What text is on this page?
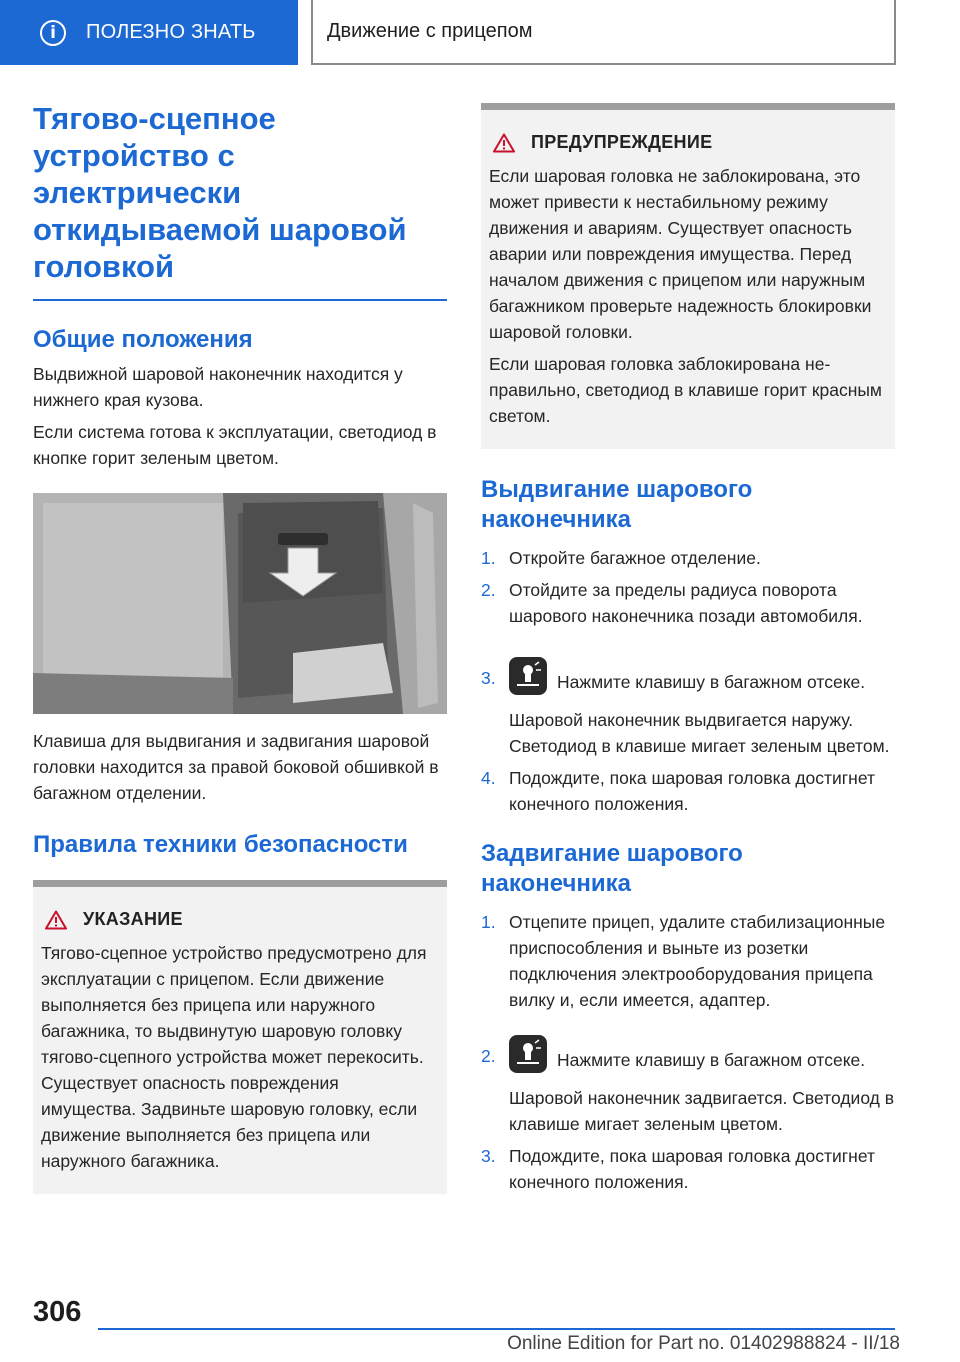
i	ПОЛЕЗНО ЗНАТЬ	Движение с прицепом
Тягово-сцепное устройство с электрически откидываемой шаровой головкой
Общие положения

Выдвижной шаровой наконечник находится у нижнего края кузова.

Если система готова к эксплуатации, светодиод в кнопке горит зеленым цветом.

Клавиша для выдвигания и задвигания шаровой головки находится за правой боковой обшивкой в багажном отделении.

Правила техники безопасности
УКАЗАНИЕ

Тягово-сцепное устройство предусмотрено для эксплуатации с прицепом. Если движение выполняется без прицепа или наружного багажника, то выдвинутую шаровую головку тягово-сцепного устройства может перекосить. Существует опасность повреждения имущества. Задвиньте шаровую головку, если движение выполняется без прицепа или наружного багажника.

ПРЕДУПРЕЖДЕНИЕ

Если шаровая головка не заблокирована, это может привести к нестабильному режиму движения и авариям. Существует опасность аварии или повреждения имущества. Перед началом движения с прицепом или наружным багажником проверьте надежность блокировки шаровой головки.

Если шаровая головка заблокирована неправильно, светодиод в клавише горит красным светом.

Выдвигание шарового наконечника
1. Откройте багажное отделение.
2. Отойдите за пределы радиуса поворота шарового наконечника позади автомобиля.
3.	Нажмите клавишу в багажном отсеке.

Шаровой наконечник выдвигается наружу.

Светодиод в клавише мигает зеленым цветом.

4. Подождите, пока шаровая головка достигнет конечного положения.
Задвигание шарового наконечника
1. Отцепите прицеп, удалите стабилизационные приспособления и выньте из розетки подключения электрооборудования прицепа вилку и, если имеется, адаптер.
2.	Нажмите клавишу в багажном отсеке.

Шаровой наконечник задвигается. Светодиод в клавише мигает зеленым цветом.

3. Подождите, пока шаровая головка достигнет конечного положения.
306
Online Edition for Part no. 01402988824 - II/18
